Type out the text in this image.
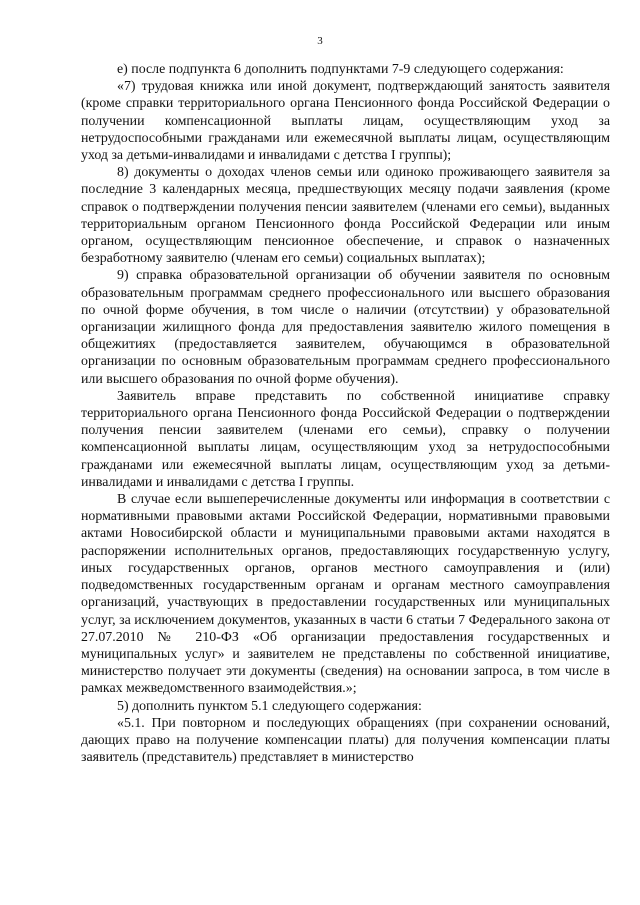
3

е) после подпункта 6 дополнить подпунктами 7-9 следующего содержания:

«7) трудовая книжка или иной документ, подтверждающий занятость заявителя (кроме справки территориального органа Пенсионного фонда Российской Федерации о получении компенсационной выплаты лицам, осуществляющим уход за нетрудоспособными гражданами или ежемесячной выплаты лицам, осуществляющим уход за детьми-инвалидами и инвалидами с детства I группы);

8) документы о доходах членов семьи или одиноко проживающего заявителя за последние 3 календарных месяца, предшествующих месяцу подачи заявления (кроме справок о подтверждении получения пенсии заявителем (членами его семьи), выданных территориальным органом Пенсионного фонда Российской Федерации или иным органом, осуществляющим пенсионное обеспечение, и справок о назначенных безработному заявителю (членам его семьи) социальных выплатах);

9) справка образовательной организации об обучении заявителя по основным образовательным программам среднего профессионального или высшего образования по очной форме обучения, в том числе о наличии (отсутствии) у образовательной организации жилищного фонда для предоставления заявителю жилого помещения в общежитиях (предоставляется заявителем, обучающимся в образовательной организации по основным образовательным программам среднего профессионального или высшего образования по очной форме обучения).

Заявитель вправе представить по собственной инициативе справку территориального органа Пенсионного фонда Российской Федерации о подтверждении получения пенсии заявителем (членами его семьи), справку о получении компенсационной выплаты лицам, осуществляющим уход за нетрудоспособными гражданами или ежемесячной выплаты лицам, осуществляющим уход за детьми-инвалидами и инвалидами с детства I группы.

В случае если вышеперечисленные документы или информация в соответствии с нормативными правовыми актами Российской Федерации, нормативными правовыми актами Новосибирской области и муниципальными правовыми актами находятся в распоряжении исполнительных органов, предоставляющих государственную услугу, иных государственных органов, органов местного самоуправления и (или) подведомственных государственным органам и органам местного самоуправления организаций, участвующих в предоставлении государственных или муниципальных услуг, за исключением документов, указанных в части 6 статьи 7 Федерального закона от 27.07.2010 № 210-ФЗ «Об организации предоставления государственных и муниципальных услуг» и заявителем не представлены по собственной инициативе, министерство получает эти документы (сведения) на основании запроса, в том числе в рамках межведомственного взаимодействия.»;

5) дополнить пунктом 5.1 следующего содержания:

«5.1. При повторном и последующих обращениях (при сохранении оснований, дающих право на получение компенсации платы) для получения компенсации платы заявитель (представитель) представляет в министерство
